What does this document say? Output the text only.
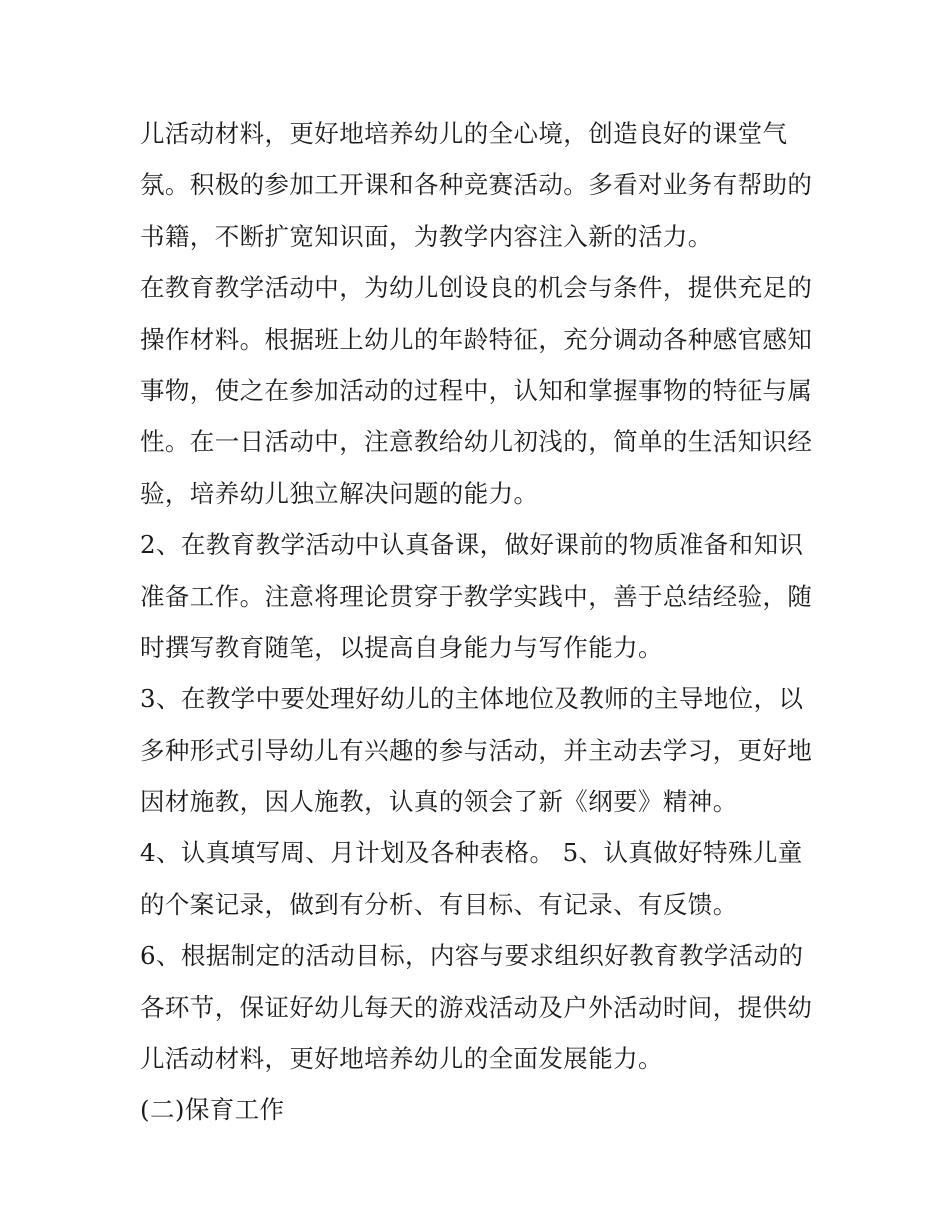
儿活动材料，更好地培养幼儿的全心境，创造良好的课堂气
氛。积极的参加工开课和各种竞赛活动。多看对业务有帮助的
书籍，不断扩宽知识面，为教学内容注入新的活力。
在教育教学活动中，为幼儿创设良的机会与条件，提供充足的
操作材料。根据班上幼儿的年龄特征，充分调动各种感官感知
事物，使之在参加活动的过程中，认知和掌握事物的特征与属
性。在一日活动中，注意教给幼儿初浅的，简单的生活知识经
验，培养幼儿独立解决问题的能力。
2、在教育教学活动中认真备课，做好课前的物质准备和知识
准备工作。注意将理论贯穿于教学实践中，善于总结经验，随
时撰写教育随笔，以提高自身能力与写作能力。
3、在教学中要处理好幼儿的主体地位及教师的主导地位，以
多种形式引导幼儿有兴趣的参与活动，并主动去学习，更好地
因材施教，因人施教，认真的领会了新《纲要》精神。
4、认真填写周、月计划及各种表格。 5、认真做好特殊儿童
的个案记录，做到有分析、有目标、有记录、有反馈。
6、根据制定的活动目标，内容与要求组织好教育教学活动的
各环节，保证好幼儿每天的游戏活动及户外活动时间，提供幼
儿活动材料，更好地培养幼儿的全面发展能力。
(二)保育工作
